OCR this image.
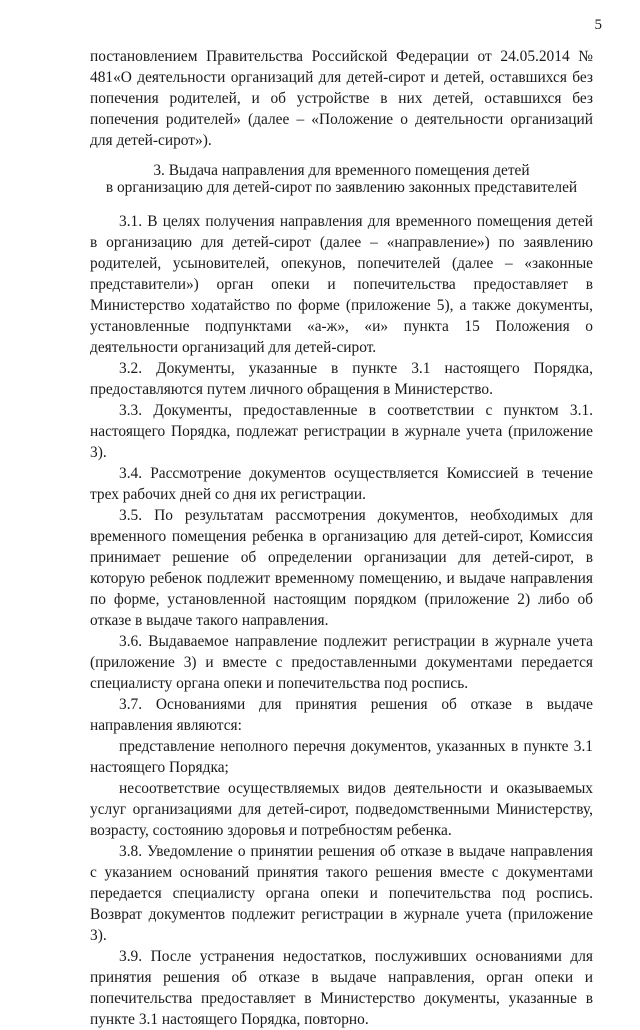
5

постановлением Правительства Российской Федерации от 24.05.2014 № 481«О деятельности организаций для детей-сирот и детей, оставшихся без попечения родителей, и об устройстве в них детей, оставшихся без попечения родителей» (далее – «Положение о деятельности организаций для детей-сирот»).

3. Выдача направления для временного помещения детей
в организацию для детей-сирот по заявлению законных представителей

3.1. В целях получения направления для временного помещения детей в организацию для детей-сирот (далее – «направление») по заявлению родителей, усыновителей, опекунов, попечителей (далее – «законные представители») орган опеки и попечительства предоставляет в Министерство ходатайство по форме (приложение 5), а также документы, установленные подпунктами «а-ж», «и» пункта 15 Положения о деятельности организаций для детей-сирот.

3.2. Документы, указанные в пункте 3.1 настоящего Порядка, предоставляются путем личного обращения в Министерство.

3.3. Документы, предоставленные в соответствии с пунктом 3.1. настоящего Порядка, подлежат регистрации в журнале учета (приложение 3).

3.4. Рассмотрение документов осуществляется Комиссией в течение трех рабочих дней со дня их регистрации.

3.5. По результатам рассмотрения документов, необходимых для временного помещения ребенка в организацию для детей-сирот, Комиссия принимает решение об определении организации для детей-сирот, в которую ребенок подлежит временному помещению, и выдаче направления по форме, установленной настоящим порядком (приложение 2) либо об отказе в выдаче такого направления.

3.6. Выдаваемое направление подлежит регистрации в журнале учета (приложение 3) и вместе с предоставленными документами передается специалисту органа опеки и попечительства под роспись.

3.7. Основаниями для принятия решения об отказе в выдаче направления являются:

представление неполного перечня документов, указанных в пункте 3.1 настоящего Порядка;

несоответствие осуществляемых видов деятельности и оказываемых услуг организациями для детей-сирот, подведомственными Министерству, возрасту, состоянию здоровья и потребностям ребенка.

3.8. Уведомление о принятии решения об отказе в выдаче направления с указанием оснований принятия такого решения вместе с документами передается специалисту органа опеки и попечительства под роспись. Возврат документов подлежит регистрации в журнале учета (приложение 3).

3.9. После устранения недостатков, послуживших основаниями для принятия решения об отказе в выдаче направления, орган опеки и попечительства предоставляет в Министерство документы, указанные в пункте 3.1 настоящего Порядка, повторно.
